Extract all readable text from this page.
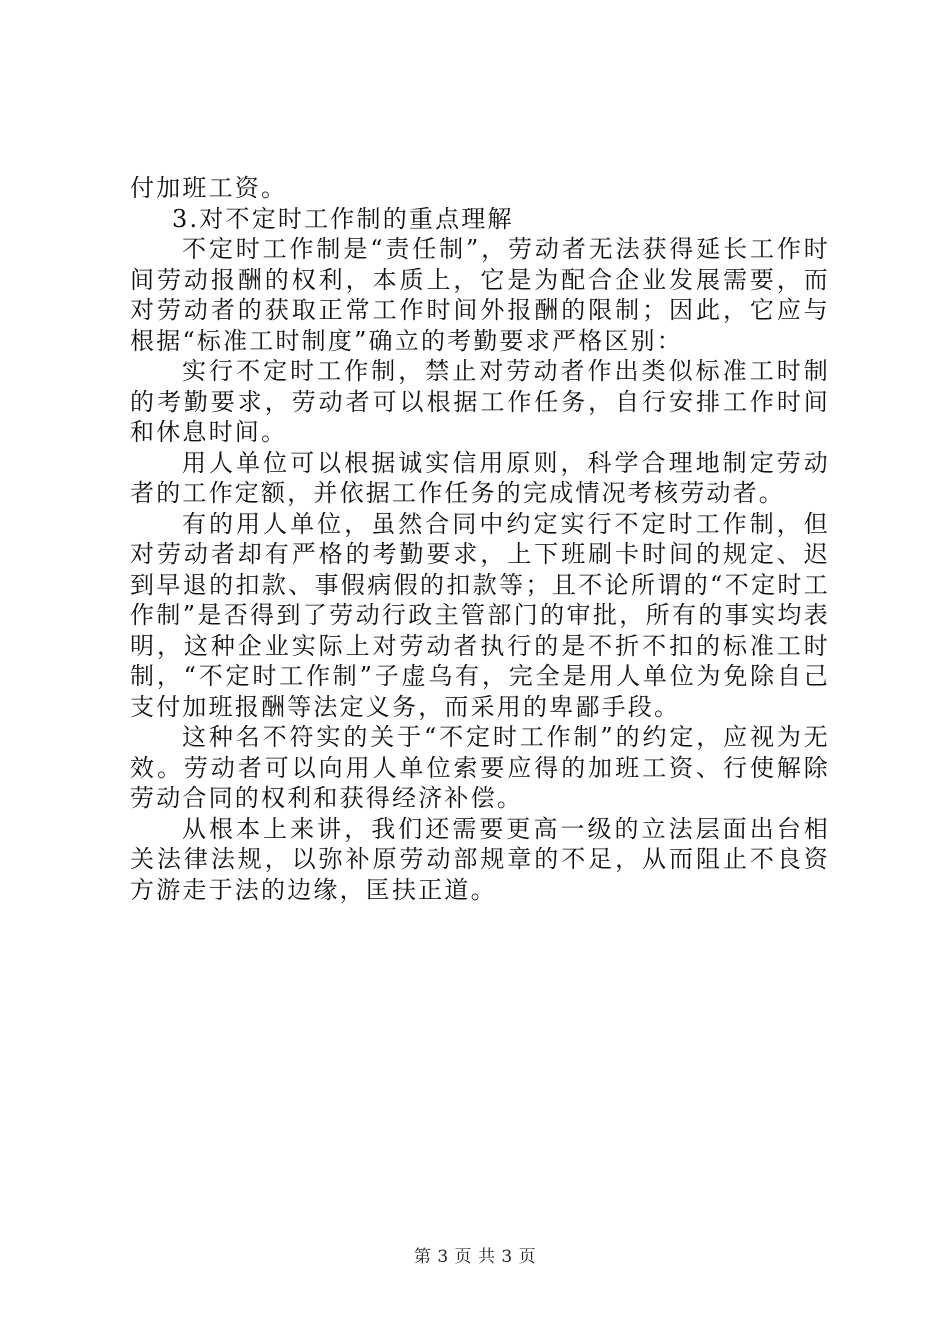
付加班工资。

3.对不定时工作制的重点理解

不定时工作制是“责任制”，劳动者无法获得延长工作时间劳动报酬的权利，本质上，它是为配合企业发展需要，而对劳动者的获取正常工作时间外报酬的限制；因此，它应与根据“标准工时制度”确立的考勤要求严格区别：

实行不定时工作制，禁止对劳动者作出类似标准工时制的考勤要求，劳动者可以根据工作任务，自行安排工作时间和休息时间。

用人单位可以根据诚实信用原则，科学合理地制定劳动者的工作定额，并依据工作任务的完成情况考核劳动者。

有的用人单位，虽然合同中约定实行不定时工作制，但对劳动者却有严格的考勤要求，上下班刷卡时间的规定、迟到早退的扣款、事假病假的扣款等；且不论所谓的“不定时工作制”是否得到了劳动行政主管部门的审批，所有的事实均表明，这种企业实际上对劳动者执行的是不折不扣的标准工时制，“不定时工作制”子虚乌有，完全是用人单位为免除自己支付加班报酬等法定义务，而采用的卑鄙手段。

这种名不符实的关于“不定时工作制”的约定，应视为无效。劳动者可以向用人单位索要应得的加班工资、行使解除劳动合同的权利和获得经济补偿。

从根本上来讲，我们还需要更高一级的立法层面出台相关法律法规，以弥补原劳动部规章的不足，从而阻止不良资方游走于法的边缘，匡扶正道。

第 3 页 共 3 页
